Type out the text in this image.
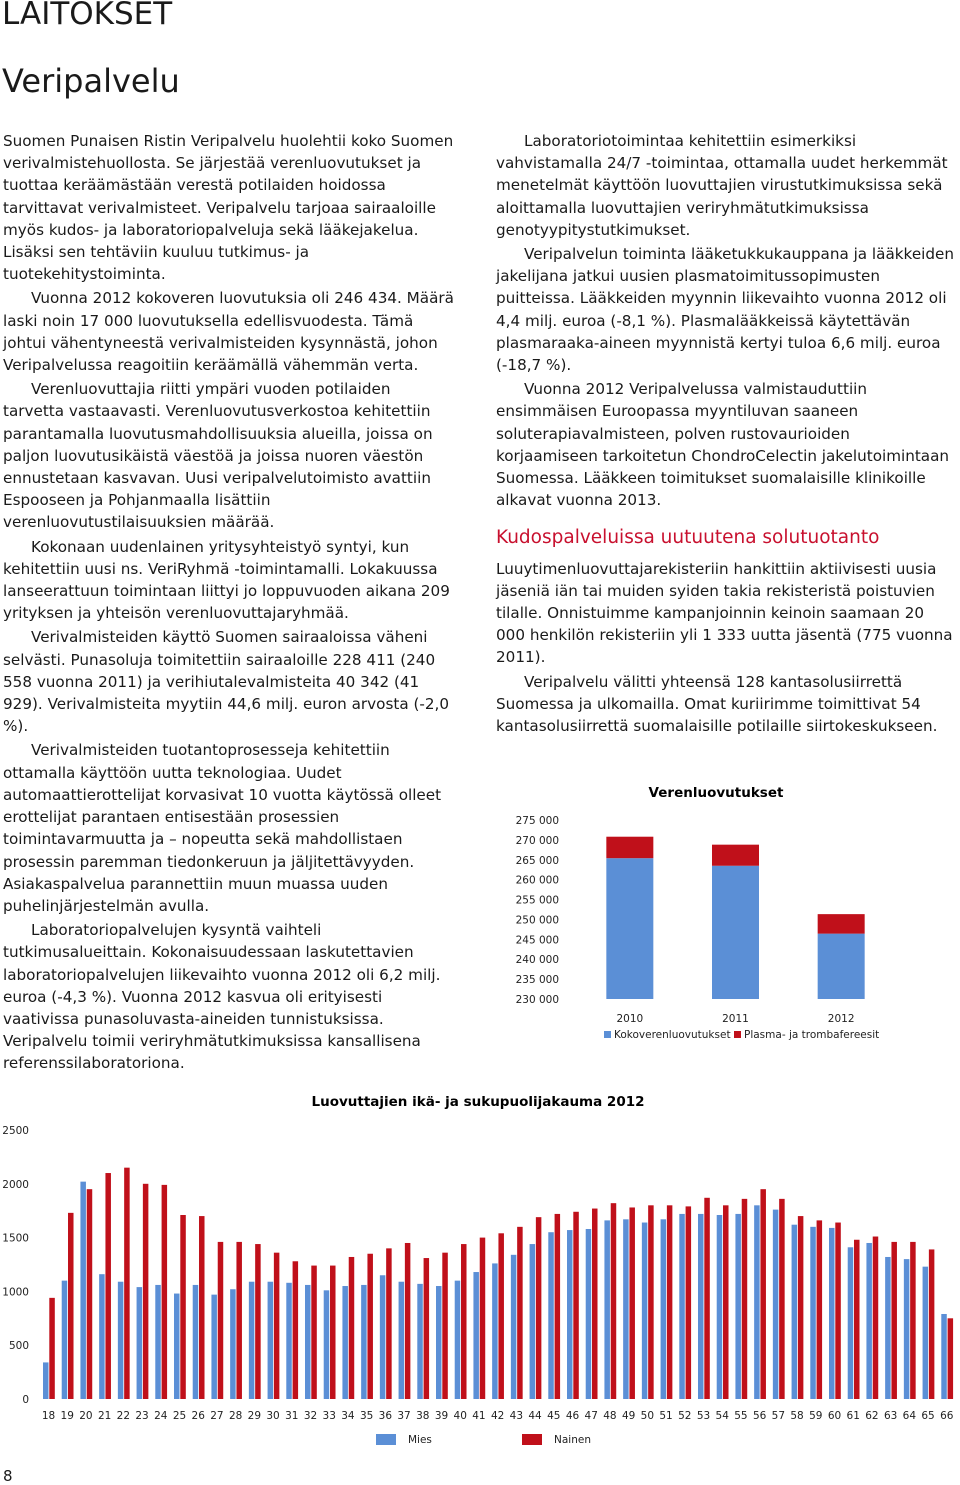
LAITOKSET
Veripalvelu

Suomen Punaisen Ristin Veripalvelu huolehtii koko Suomen verivalmistehuollosta. Se järjestää verenluovutukset ja tuottaa keräämästään verestä potilaiden hoidossa tarvittavat verivalmisteet. Veripalvelu tarjoaa sairaaloille myös kudos- ja laboratoriopalveluja sekä lääkejakelua. Lisäksi sen tehtäviin kuuluu tutkimus- ja tuotekehitystoiminta.

Vuonna 2012 kokoveren luovutuksia oli 246 434. Määrä laski noin 17 000 luovutuksella edellisvuodesta. Tämä johtui vähentyneestä verivalmisteiden kysynnästä, johon Veripalvelussa reagoitiin keräämällä vähemmän verta.

Verenluovuttajia riitti ympäri vuoden potilaiden tarvetta vastaavasti. Verenluovutusverkostoa kehitettiin parantamalla luovutusmahdollisuuksia alueilla, joissa on paljon luovutusikäistä väestöä ja joissa nuoren väestön ennustetaan kasvavan. Uusi veripalvelutoimisto avattiin Espooseen ja Pohjanmaalla lisättiin verenluovutustilaisuuksien määrää.

Kokonaan uudenlainen yritysyhteistyö syntyi, kun kehitettiin uusi ns. VeriRyhmä -toimintamalli. Lokakuussa lanseerattuun toimintaan liittyi jo loppuvuoden aikana 209 yrityksen ja yhteisön verenluovuttajaryhmää.

Verivalmisteiden käyttö Suomen sairaaloissa väheni selvästi. Punasoluja toimitettiin sairaaloille 228 411 (240 558 vuonna 2011) ja verihiutalevalmisteita 40 342 (41 929). Verivalmisteita myytiin 44,6 milj. euron arvosta (-2,0 %).

Verivalmisteiden tuotantoprosesseja kehitettiin ottamalla käyttöön uutta teknologiaa. Uudet automaattierottelijat korvasivat 10 vuotta käytössä olleet erottelijat parantaen entisestään prosessien toimintavarmuutta ja – nopeutta sekä mahdollistaen prosessin paremman tiedonkeruun ja jäljitettävyyden. Asiakaspalvelua parannettiin muun muassa uuden puhelinjärjestelmän avulla.

Laboratoriopalvelujen kysyntä vaihteli tutkimusalueittain. Kokonaisuudessaan laskutettavien laboratoriopalvelujen liikevaihto vuonna 2012 oli 6,2 milj. euroa (-4,3 %). Vuonna 2012 kasvua oli erityisesti vaativissa punasoluvasta-aineiden tunnistuksissa. Veripalvelu toimii veriryhmätutkimuksissa kansallisena referenssilaboratoriona.

Laboratoriotoimintaa kehitettiin esimerkiksi vahvistamalla 24/7 -toimintaa, ottamalla uudet herkemmät menetelmät käyttöön luovuttajien virustutkimuksissa sekä aloittamalla luovuttajien veriryhmätutkimuksissa genotyypitystutkimukset.

Veripalvelun toiminta lääketukkukauppana ja lääkkeiden jakelijana jatkui uusien plasmatoimitussopimusten puitteissa. Lääkkeiden myynnin liikevaihto vuonna 2012 oli 4,4 milj. euroa (-8,1 %). Plasmalääkkeissä käytettävän plasmaraaka-aineen myynnistä kertyi tuloa 6,6 milj. euroa (-18,7 %).

Vuonna 2012 Veripalvelussa valmistauduttiin ensimmäisen Euroopassa myyntiluvan saaneen soluterapiavalmisteen, polven rustovaurioiden korjaamiseen tarkoitetun ChondroCelectin jakelutoimintaan Suomessa. Lääkkeen toimitukset suomalaisille klinikoille alkavat vuonna 2013.

Kudospalveluissa uutuutena solutuotanto

Luuytimenluovuttajarekisteriin hankittiin aktiivisesti uusia jäseniä iän tai muiden syiden takia rekisteristä poistuvien tilalle. Onnistuimme kampanjoinnin keinoin saamaan 20 000 henkilön rekisteriin yli 1 333 uutta jäsentä (775 vuonna 2011).

Veripalvelu välitti yhteensä 128 kantasolusiirrettä Suomessa ja ulkomailla. Omat kuriirimme toimittivat 54 kantasolusiirrettä suomalaisille potilaille siirtokeskukseen.

Verenluovutukset
230 000
235 000
240 000
245 000
250 000
255 000
260 000
265 000
270 000
275 000
2010	2011	2012
Kokoverenluovutukset Plasma- ja trombafereesit
Luovuttajien ikä- ja sukupuolijakauma 2012
0
500
1000
1500
2000
2500
18 19 20 21 22 23 24 25 26 27 28 29 30 31 32 33 34 35 36 37 38 39 40 41 42 43 44 45 46 47 48 49 50 51 52 53 54 55 56 57 58 59 60 61 62 63 64 65 66
Mies	Nainen
8
